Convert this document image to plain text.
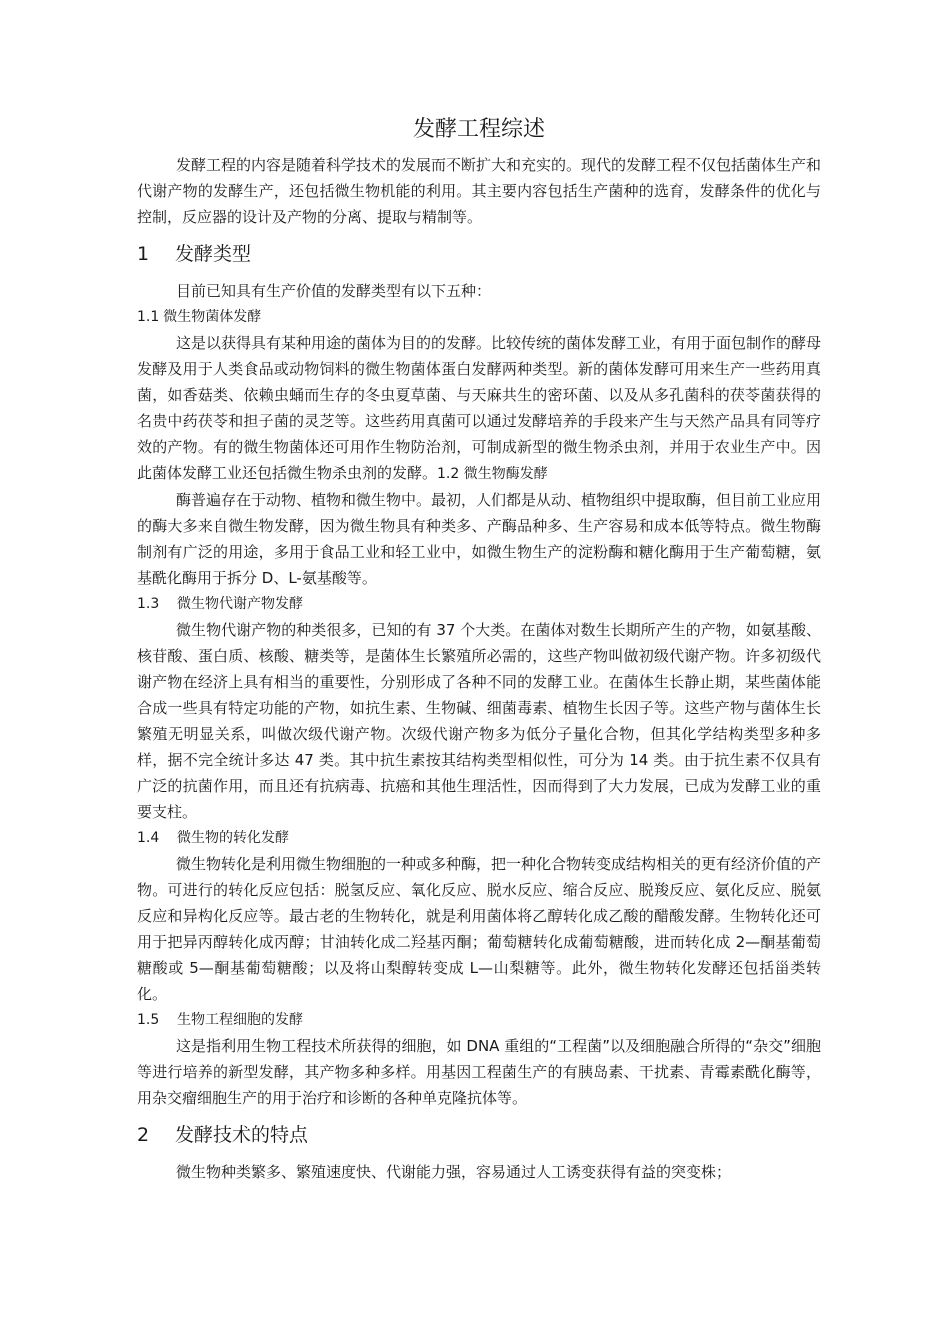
发酵工程综述

发酵工程的内容是随着科学技术的发展而不断扩大和充实的。现代的发酵工程不仅包括菌体生产和代谢产物的发酵生产，还包括微生物机能的利用。其主要内容包括生产菌种的选育，发酵条件的优化与控制，反应器的设计及产物的分离、提取与精制等。

1	发酵类型

目前已知具有生产价值的发酵类型有以下五种：

1.1 微生物菌体发酵

这是以获得具有某种用途的菌体为目的的发酵。比较传统的菌体发酵工业，有用于面包制作的酵母发酵及用于人类食品或动物饲料的微生物菌体蛋白发酵两种类型。新的菌体发酵可用来生产一些药用真菌，如香菇类、依赖虫蛹而生存的冬虫夏草菌、与天麻共生的密环菌、以及从多孔菌科的茯苓菌获得的名贵中药茯苓和担子菌的灵芝等。这些药用真菌可以通过发酵培养的手段来产生与天然产品具有同等疗效的产物。有的微生物菌体还可用作生物防治剂，可制成新型的微生物杀虫剂，并用于农业生产中。因此菌体发酵工业还包括微生物杀虫剂的发酵。1.2 微生物酶发酵

酶普遍存在于动物、植物和微生物中。最初，人们都是从动、植物组织中提取酶，但目前工业应用的酶大多来自微生物发酵，因为微生物具有种类多、产酶品种多、生产容易和成本低等特点。微生物酶制剂有广泛的用途，多用于食品工业和轻工业中，如微生物生产的淀粉酶和糖化酶用于生产葡萄糖，氨基酰化酶用于拆分 D、L-氨基酸等。

1.3	微生物代谢产物发酵

微生物代谢产物的种类很多，已知的有 37 个大类。在菌体对数生长期所产生的产物，如氨基酸、核苷酸、蛋白质、核酸、糖类等，是菌体生长繁殖所必需的，这些产物叫做初级代谢产物。许多初级代谢产物在经济上具有相当的重要性，分别形成了各种不同的发酵工业。在菌体生长静止期，某些菌体能合成一些具有特定功能的产物，如抗生素、生物碱、细菌毒素、植物生长因子等。这些产物与菌体生长繁殖无明显关系，叫做次级代谢产物。次级代谢产物多为低分子量化合物，但其化学结构类型多种多样，据不完全统计多达 47 类。其中抗生素按其结构类型相似性，可分为 14 类。由于抗生素不仅具有广泛的抗菌作用，而且还有抗病毒、抗癌和其他生理活性，因而得到了大力发展，已成为发酵工业的重要支柱。

1.4	微生物的转化发酵

微生物转化是利用微生物细胞的一种或多种酶，把一种化合物转变成结构相关的更有经济价值的产物。可进行的转化反应包括：脱氢反应、氧化反应、脱水反应、缩合反应、脱羧反应、氨化反应、脱氨反应和异构化反应等。最古老的生物转化，就是利用菌体将乙醇转化成乙酸的醋酸发酵。生物转化还可用于把异丙醇转化成丙醇；甘油转化成二羟基丙酮；葡萄糖转化成葡萄糖酸，进而转化成 2—酮基葡萄糖酸或 5—酮基葡萄糖酸；以及将山梨醇转变成 L—山梨糖等。此外，微生物转化发酵还包括甾类转化。

1.5	生物工程细胞的发酵

这是指利用生物工程技术所获得的细胞，如 DNA 重组的“工程菌”以及细胞融合所得的“杂交”细胞等进行培养的新型发酵，其产物多种多样。用基因工程菌生产的有胰岛素、干扰素、青霉素酰化酶等，用杂交瘤细胞生产的用于治疗和诊断的各种单克隆抗体等。

2	发酵技术的特点

微生物种类繁多、繁殖速度快、代谢能力强，容易通过人工诱变获得有益的突变株；
